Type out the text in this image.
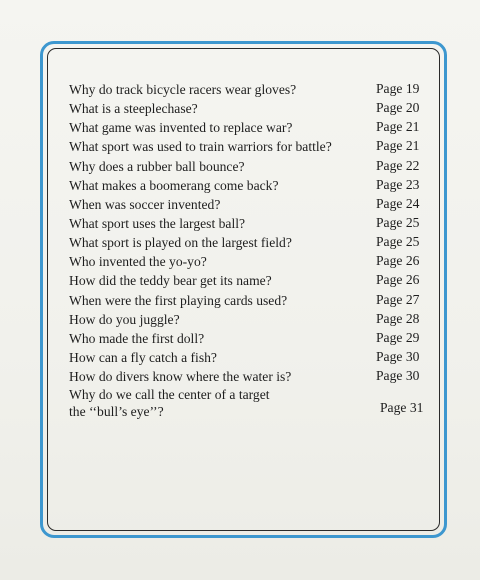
Why do track bicycle racers wear gloves?	Page 19
What is a steeplechase?	Page 20
What game was invented to replace war?	Page 21
What sport was used to train warriors for battle?	Page 21
Why does a rubber ball bounce?	Page 22
What makes a boomerang come back?	Page 23
When was soccer invented?	Page 24
What sport uses the largest ball?	Page 25
What sport is played on the largest field?	Page 25
Who invented the yo-yo?	Page 26
How did the teddy bear get its name?	Page 26
When were the first playing cards used?	Page 27
How do you juggle?	Page 28
Who made the first doll?	Page 29
How can a fly catch a fish?	Page 30
How do divers know where the water is?	Page 30
Why do we call the center of a target
the ‘‘bull’s eye’’?	Page 31
